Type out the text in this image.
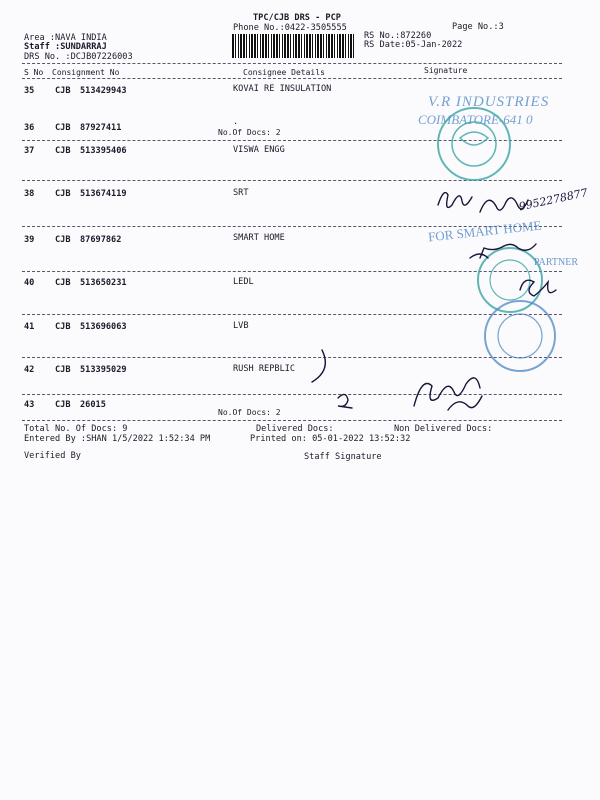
TPC/CJB DRS - PCP
Phone No.:0422-3505555	Page No.:3
Area :NAVA INDIA
Staff :SUNDARRAJ
DRS No. :DCJB07226003
RS No.:872260
RS Date:05-Jan-2022
S No Consignment No	Consignee Details	Signature
35 CJB 513429943	KOVAI RE INSULATION
36 CJB 87927411
.
No.Of Docs: 2
37 CJB 513395406	VISWA ENGG
38 CJB 513674119	SRT
39 CJB 87697862	SMART HOME
40 CJB 513650231	LEDL
41 CJB 513696063	LVB
42 CJB 513395029	RUSH REPBLIC
43 CJB 26015
No.Of Docs: 2
Total No. Of Docs: 9	Delivered Docs:	Non Delivered Docs:
Entered By :SHAN 1/5/2022 1:52:34 PM	Printed on: 05-01-2022 13:52:32
Verified By	Staff Signature
V.R INDUSTRIES
COIMBATORE-641 0
FOR SMART HOME
PARTNER
9952278877
